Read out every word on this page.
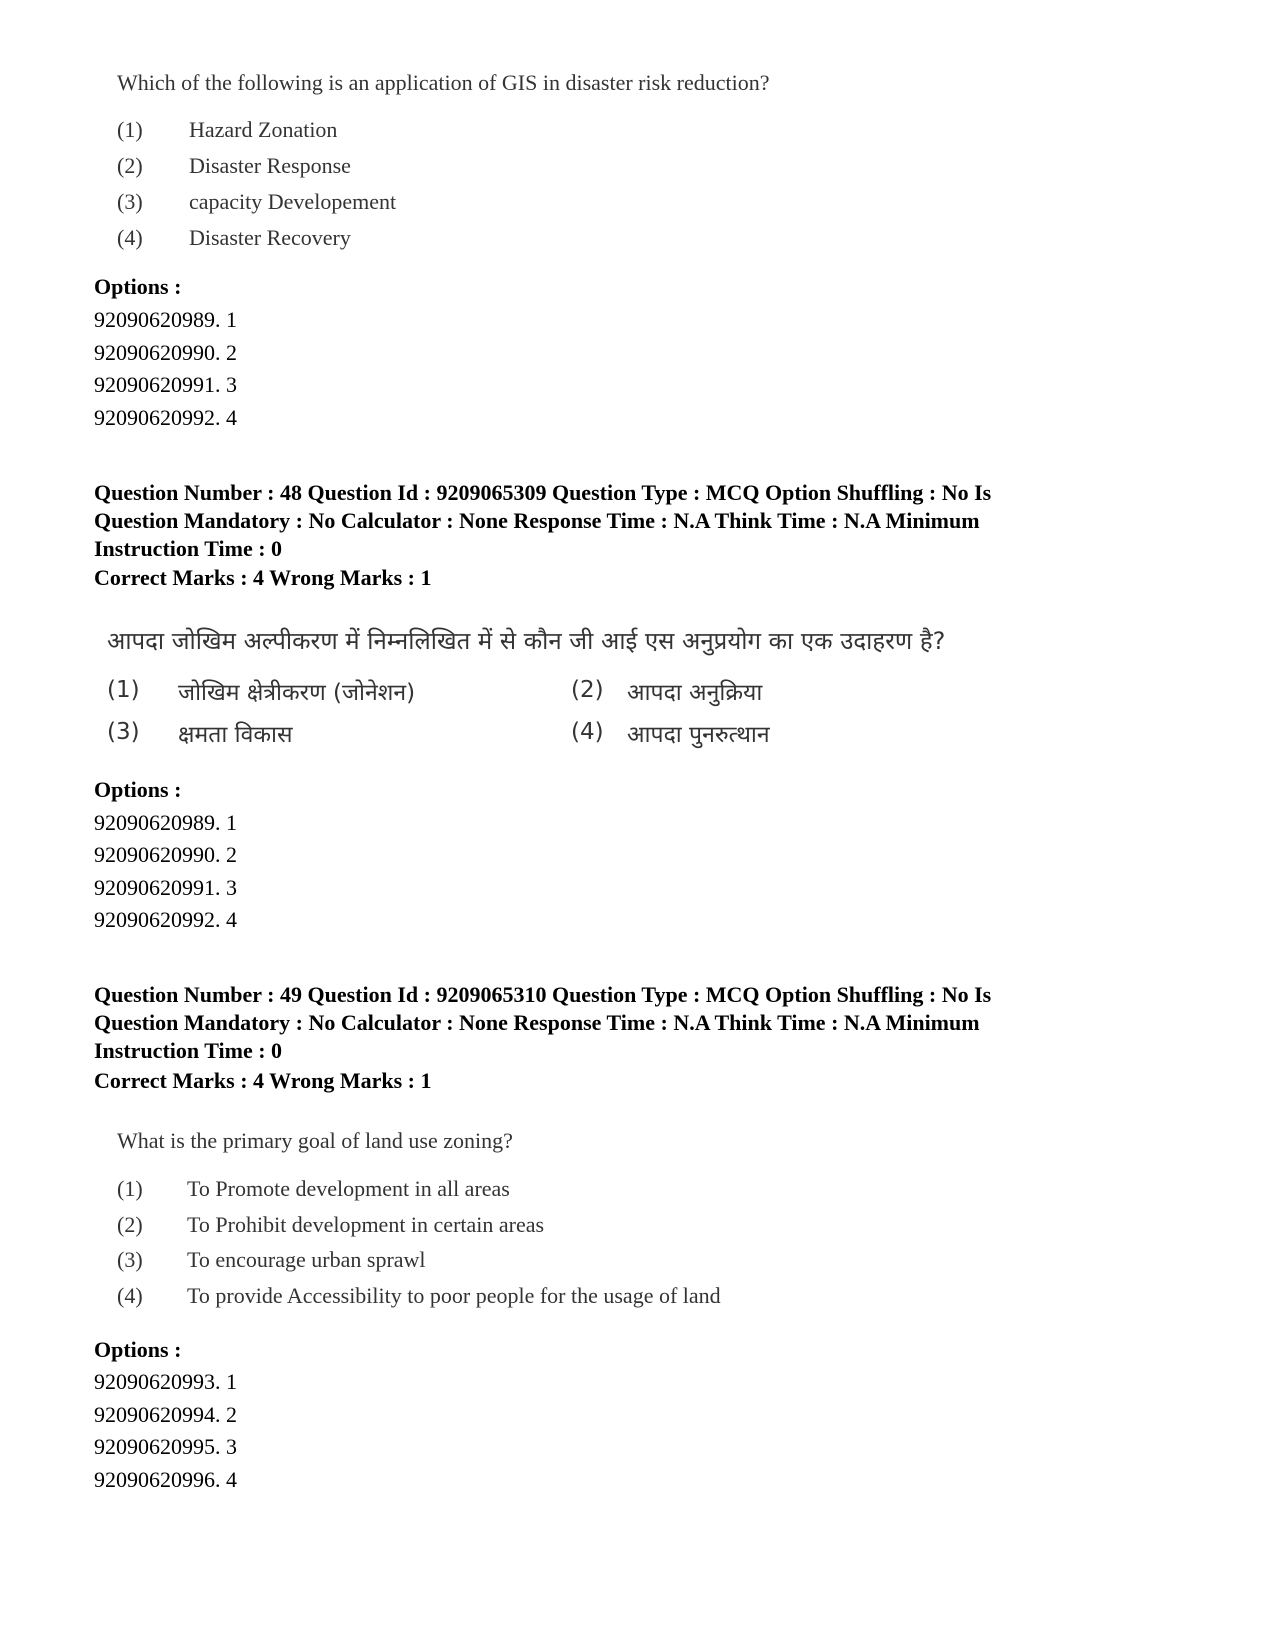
Which of the following is an application of GIS in disaster risk reduction?
(1) Hazard Zonation
(2) Disaster Response
(3) capacity Developement
(4) Disaster Recovery
Options :
92090620989. 1
92090620990. 2
92090620991. 3
92090620992. 4
Question Number : 48 Question Id : 9209065309 Question Type : MCQ Option Shuffling : No Is
Question Mandatory : No Calculator : None Response Time : N.A Think Time : N.A Minimum
Instruction Time : 0
Correct Marks : 4 Wrong Marks : 1
आपदा जोखिम अल्पीकरण में निम्नलिखित में से कौन जी आई एस अनुप्रयोग का एक उदाहरण है?
(1) जोखिम क्षेत्रीकरण (जोनेशन)	(2) आपदा अनुक्रिया
(3) क्षमता विकास	(4) आपदा पुनरुत्थान
Options :
92090620989. 1
92090620990. 2
92090620991. 3
92090620992. 4
Question Number : 49 Question Id : 9209065310 Question Type : MCQ Option Shuffling : No Is
Question Mandatory : No Calculator : None Response Time : N.A Think Time : N.A Minimum
Instruction Time : 0
Correct Marks : 4 Wrong Marks : 1
What is the primary goal of land use zoning?
(1) To Promote development in all areas
(2) To Prohibit development in certain areas
(3) To encourage urban sprawl
(4) To provide Accessibility to poor people for the usage of land
Options :
92090620993. 1
92090620994. 2
92090620995. 3
92090620996. 4
